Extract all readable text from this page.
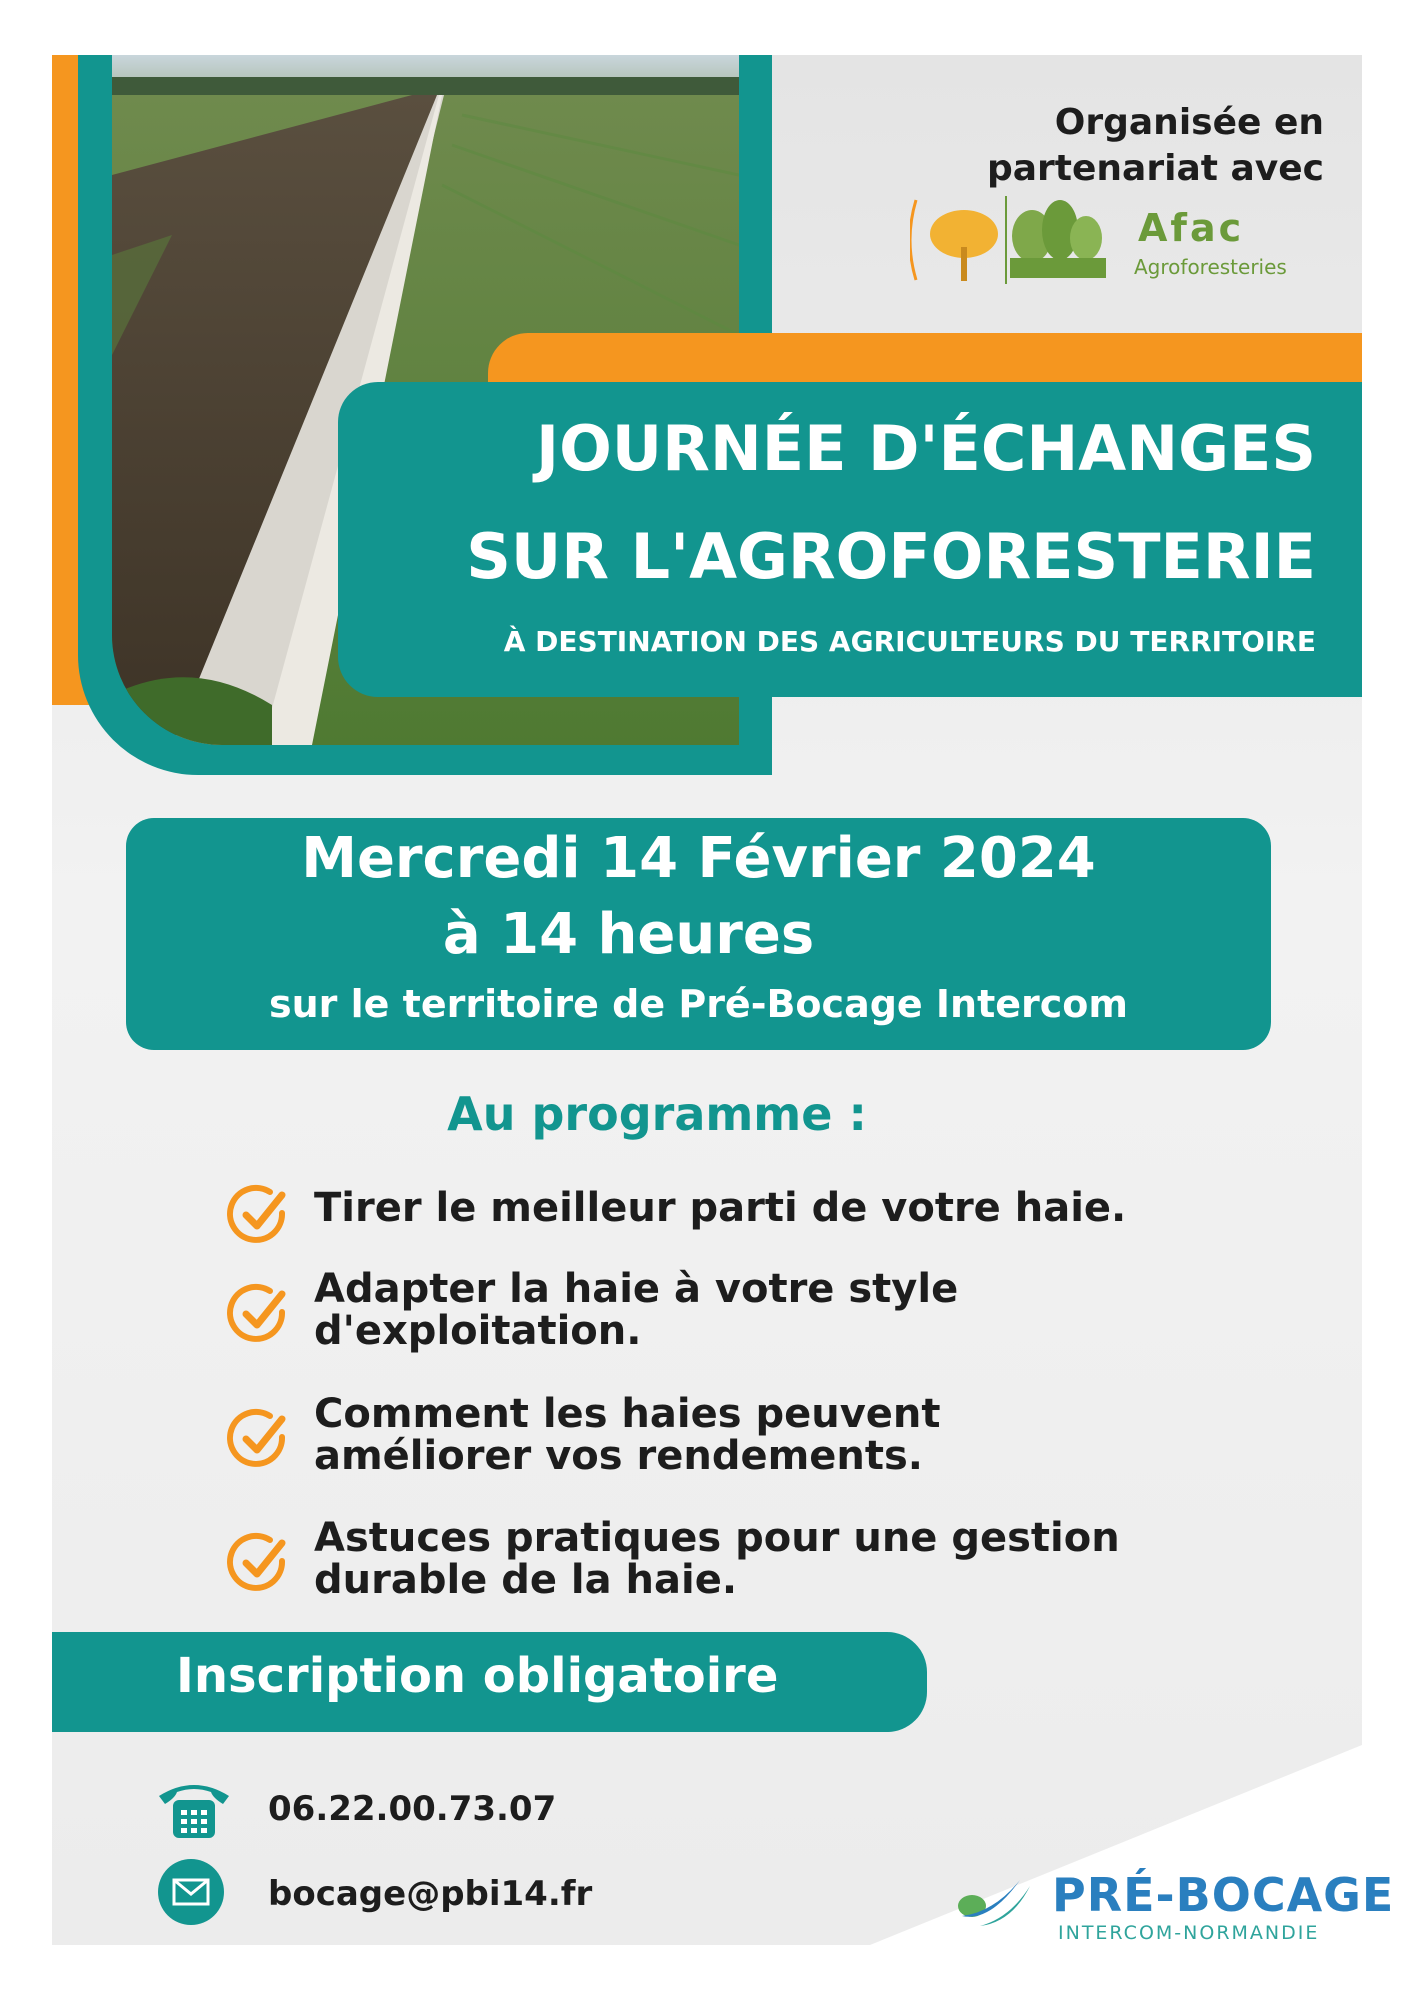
Organisée en
partenariat avec
Afac
Agroforesteries
JOURNÉE D'ÉCHANGES
SUR L'AGROFORESTERIE
À DESTINATION DES AGRICULTEURS DU TERRITOIRE
Mercredi 14 Février 2024
à 14 heures
sur le territoire de Pré-Bocage Intercom
Au programme :
Tirer le meilleur parti de votre haie.
Adapter la haie à votre style d'exploitation.
Comment les haies peuvent améliorer vos rendements.
Astuces pratiques pour une gestion durable de la haie.
Inscription obligatoire
06.22.00.73.07
bocage@pbi14.fr	PRÉ-BOCAGE
INTERCOM-NORMANDIE
